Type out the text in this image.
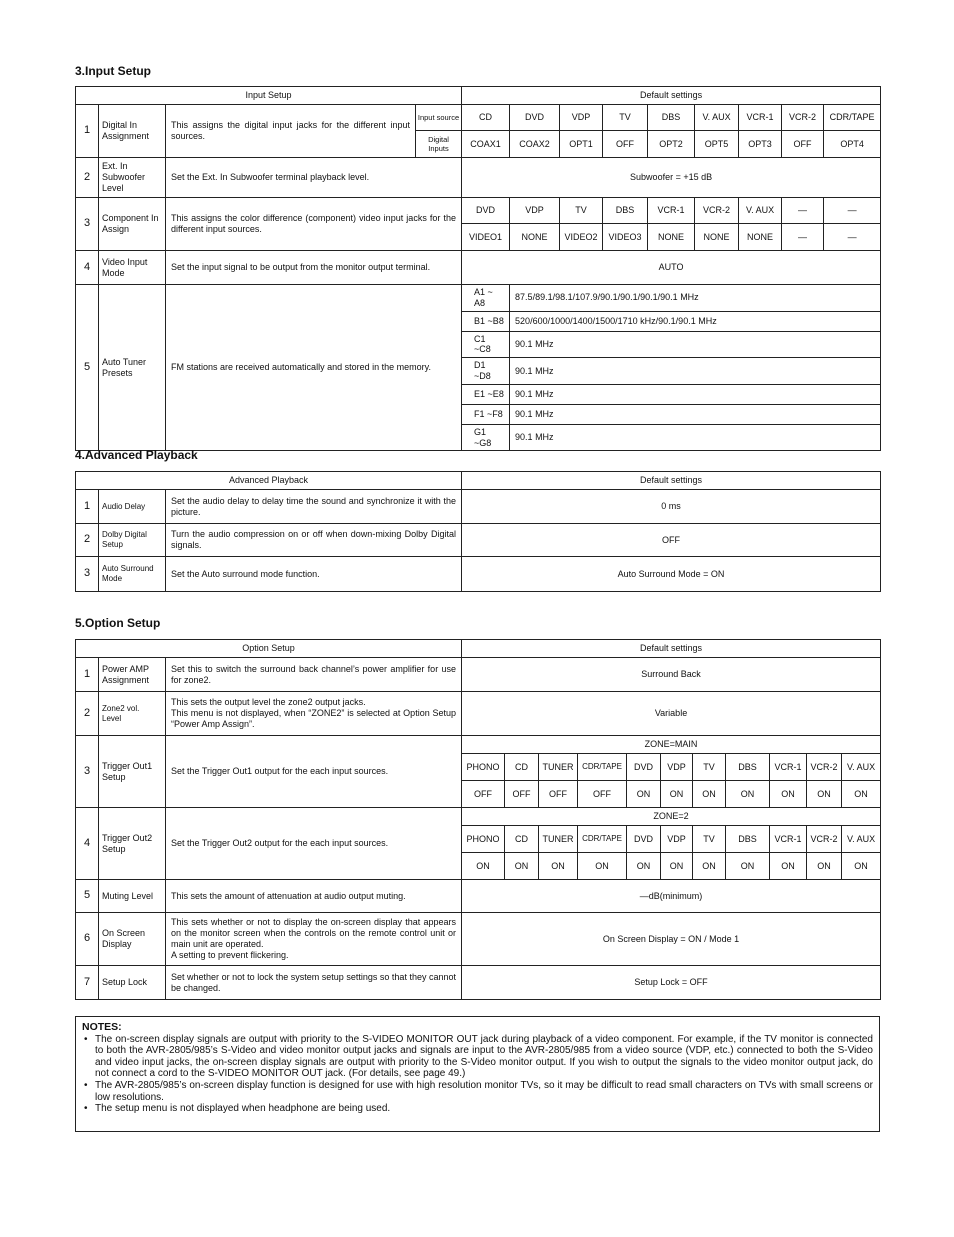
3.Input Setup
Input Setup				Default settings								
1	Digital In Assignment	This assigns the digital input jacks for the different input sources.	Input source	CD	DVD	VDP	TV	DBS	V. AUX	VCR-1	VCR-2	CDR/TAPE
			Digital Inputs	COAX1	COAX2	OPT1	OFF	OPT2	OPT5	OPT3	OFF	OPT4
2	Ext. In Subwoofer Level	Set the Ext. In Subwoofer terminal playback level.		Subwoofer = +15 dB								
3	Component In Assign	This assigns the color difference (component) video input jacks for the different input sources.		DVD	VDP	TV	DBS	VCR-1	VCR-2	V. AUX	—	—
				VIDEO1	NONE	VIDEO2	VIDEO3	NONE	NONE	NONE	—	—
4	Video Input Mode	Set the input signal to be output from the monitor output terminal.		AUTO								
5	Auto Tuner Presets	FM stations are received automatically and stored in the memory.		A1 ~ A8	87.5/89.1/98.1/107.9/90.1/90.1/90.1/90.1 MHz							
				B1 ~B8	520/600/1000/1400/1500/1710 kHz/90.1/90.1 MHz							
				C1 ~C8	90.1 MHz							
				D1 ~D8	90.1 MHz							
				E1 ~E8	90.1 MHz							
				F1 ~F8	90.1 MHz							
				G1 ~G8	90.1 MHz							
4.Advanced Playback
Advanced Playback			Default settings
1	Audio Delay	Set the audio delay to delay time the sound and synchronize it with the picture.	0 ms
2	Dolby Digital Setup	Turn the audio compression on or off when down-mixing Dolby Digital signals.	OFF
3	Auto Surround Mode	Set the Auto surround mode function.	Auto Surround Mode = ON
5.Option Setup
Option Setup			Default settings										
1	Power AMP Assignment	Set this to switch the surround back channel’s power amplifier for use for zone2.	Surround Back										
2	Zone2 vol. Level	This sets the output level the zone2 output jacks.
This menu is not displayed, when “ZONE2” is selected at Option Setup “Power Amp Assign”.	Variable										
3	Trigger Out1 Setup	Set the Trigger Out1 output for the each input sources.	ZONE=MAIN										
			PHONO	CD	TUNER	CDR/TAPE	DVD	VDP	TV	DBS	VCR-1	VCR-2	V. AUX
			OFF	OFF	OFF	OFF	ON	ON	ON	ON	ON	ON	ON
4	Trigger Out2 Setup	Set the Trigger Out2 output for the each input sources.	ZONE=2										
			PHONO	CD	TUNER	CDR/TAPE	DVD	VDP	TV	DBS	VCR-1	VCR-2	V. AUX
			ON	ON	ON	ON	ON	ON	ON	ON	ON	ON	ON
5	Muting Level	This sets the amount of attenuation at audio output muting.	—dB(minimum)										
6	On Screen Display	This sets whether or not to display the on-screen display that appears on the monitor screen when the controls on the remote control unit or main unit are operated.
A setting to prevent flickering.	On Screen Display = ON / Mode 1										
7	Setup Lock	Set whether or not to lock the system setup settings so that they cannot be changed.	Setup Lock = OFF										
NOTES:
• The on-screen display signals are output with priority to the S-VIDEO MONITOR OUT jack during playback of a video component. For example, if the TV monitor is connected to both the AVR-2805/985’s S-Video and video monitor output jacks and signals are input to the AVR-2805/985 from a video source (VDP, etc.) connected to both the S-Video and video input jacks, the on-screen display signals are output with priority to the S-Video monitor output. If you wish to output the signals to the video monitor output jack, do not connect a cord to the S-VIDEO MONITOR OUT jack. (For details, see page 49.)
• The AVR-2805/985’s on-screen display function is designed for use with high resolution monitor TVs, so it may be difficult to read small characters on TVs with small screens or low resolutions.
• The setup menu is not displayed when headphone are being used.
